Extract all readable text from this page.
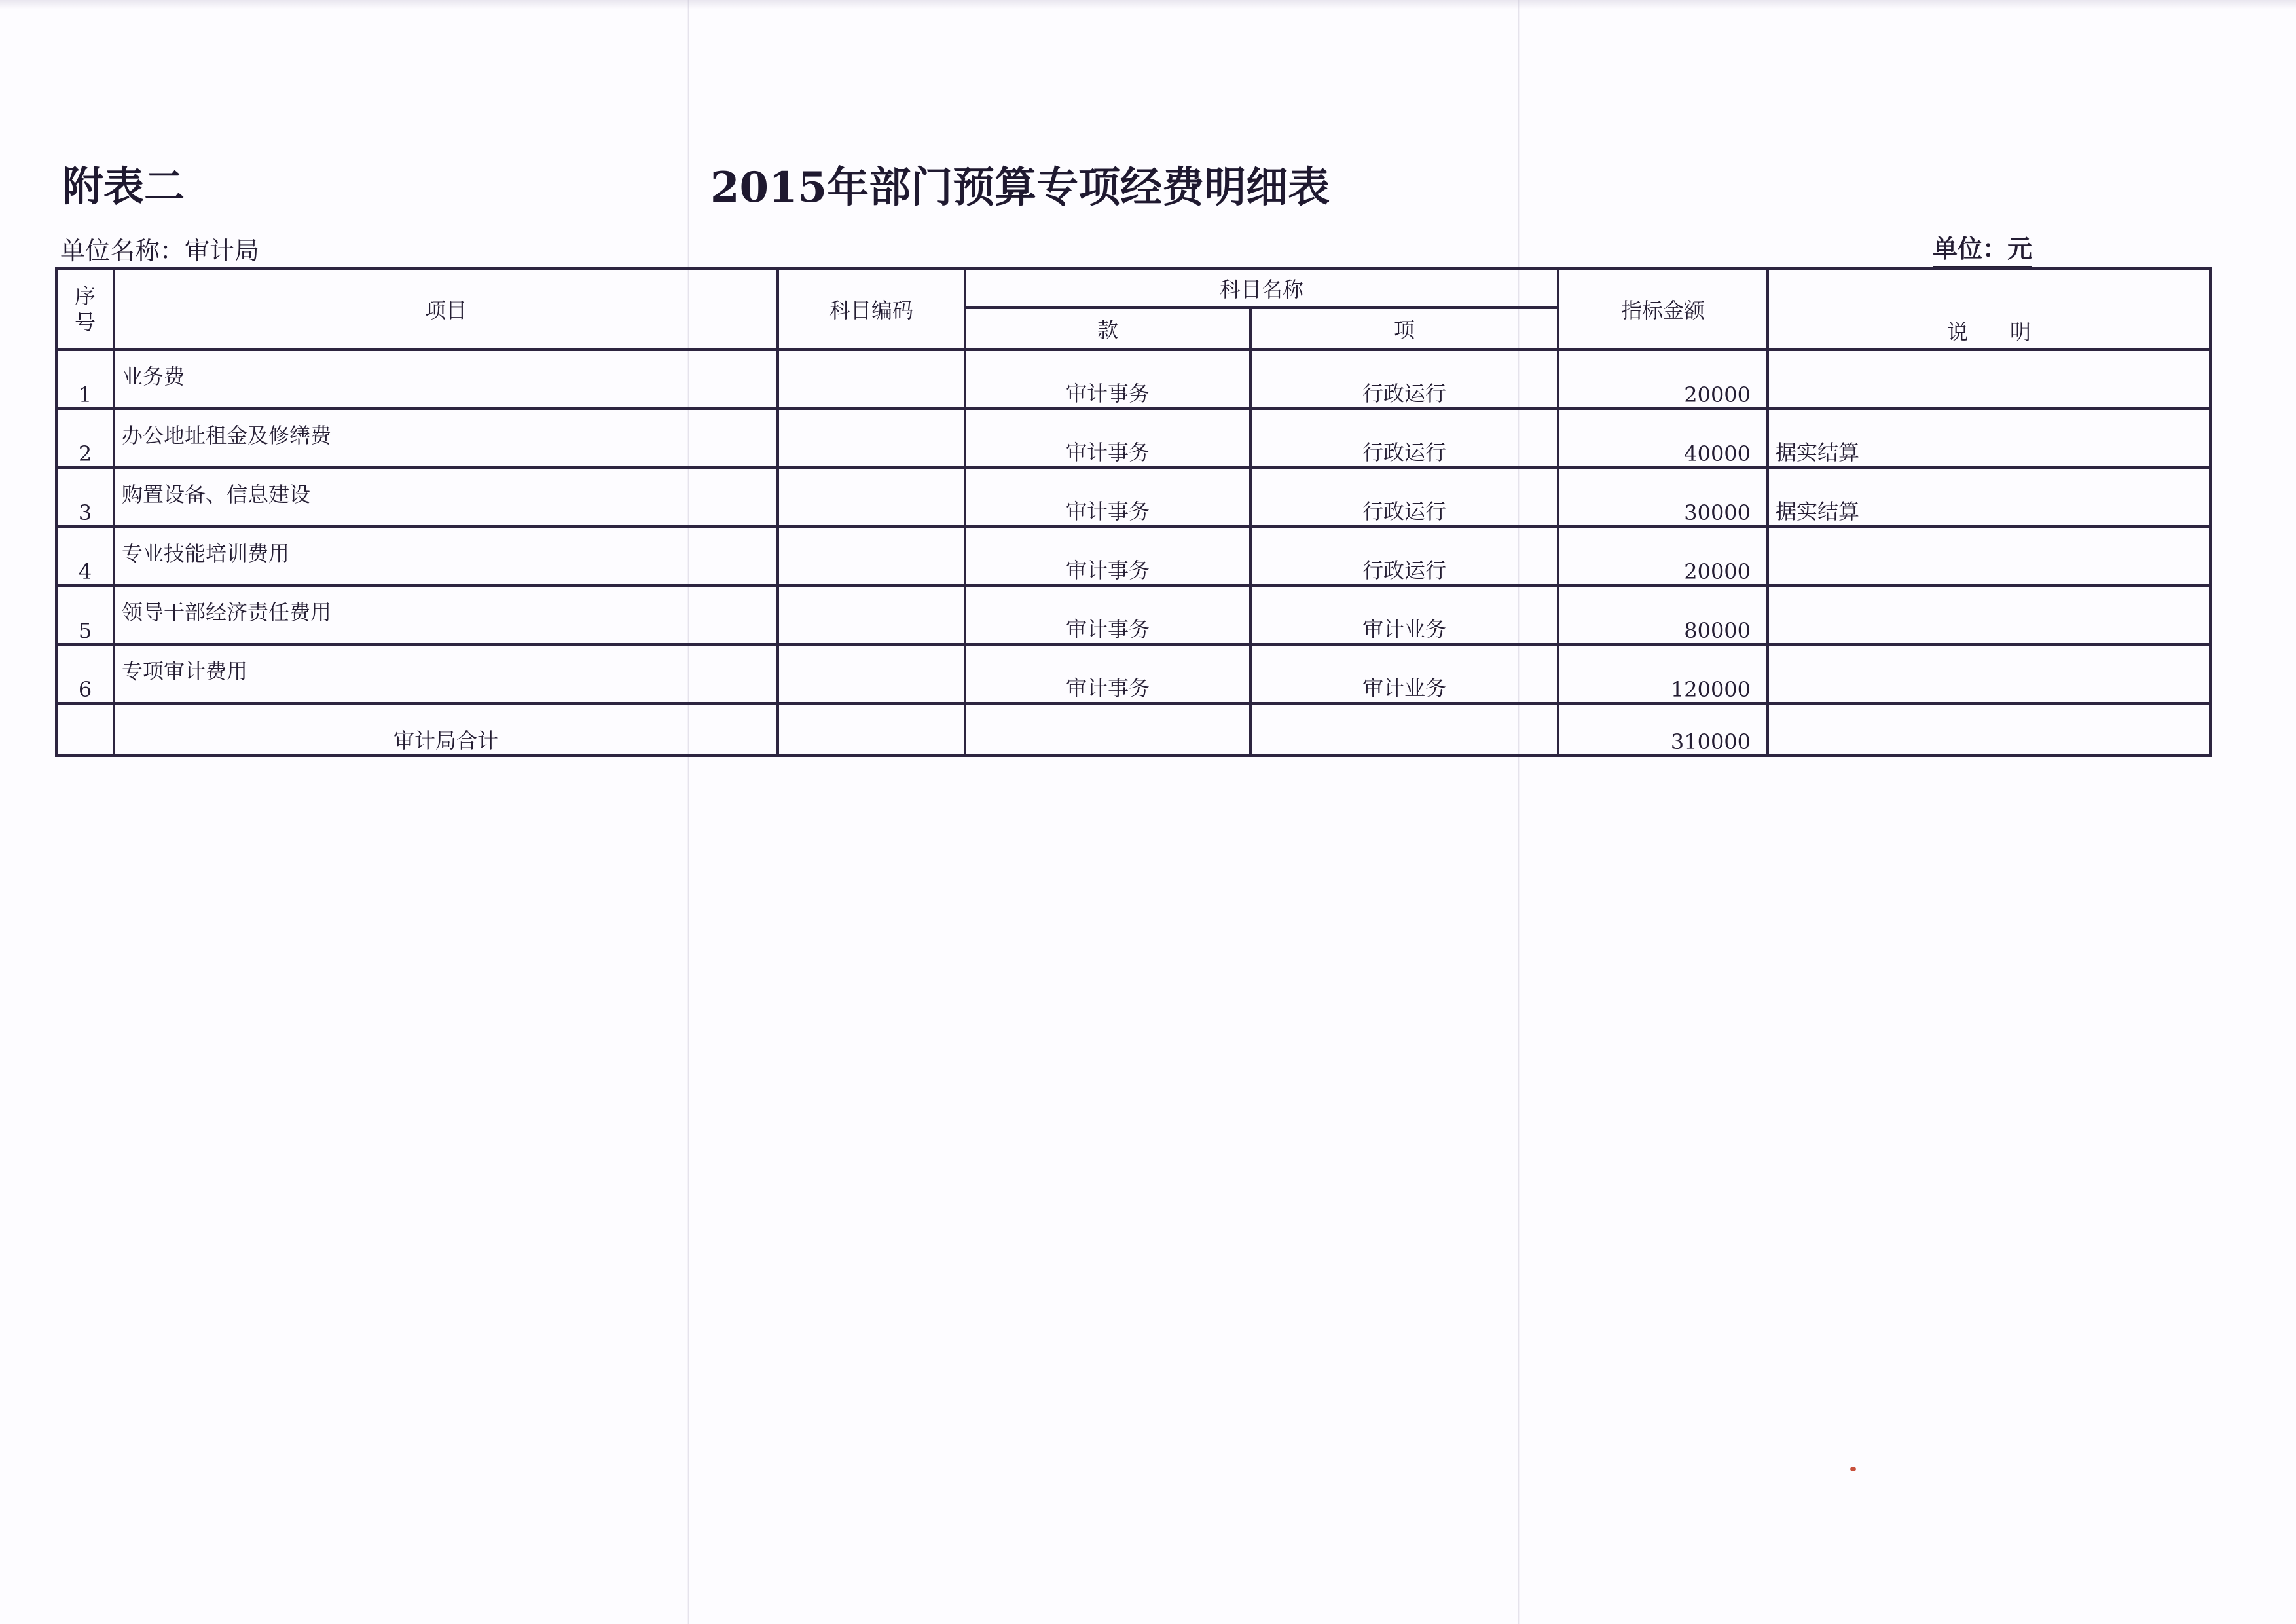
附表二	2015年部门预算专项经费明细表
单位名称：审计局	单位：元
序号	项目	科目编码	科目名称		指标金额	说　　明
			款	项		
1	业务费		审计事务	行政运行	20000	
2	办公地址租金及修缮费		审计事务	行政运行	40000	据实结算
3	购置设备、信息建设		审计事务	行政运行	30000	据实结算
4	专业技能培训费用		审计事务	行政运行	20000	
5	领导干部经济责任费用		审计事务	审计业务	80000	
6	专项审计费用		审计事务	审计业务	120000	
	审计局合计				310000	
